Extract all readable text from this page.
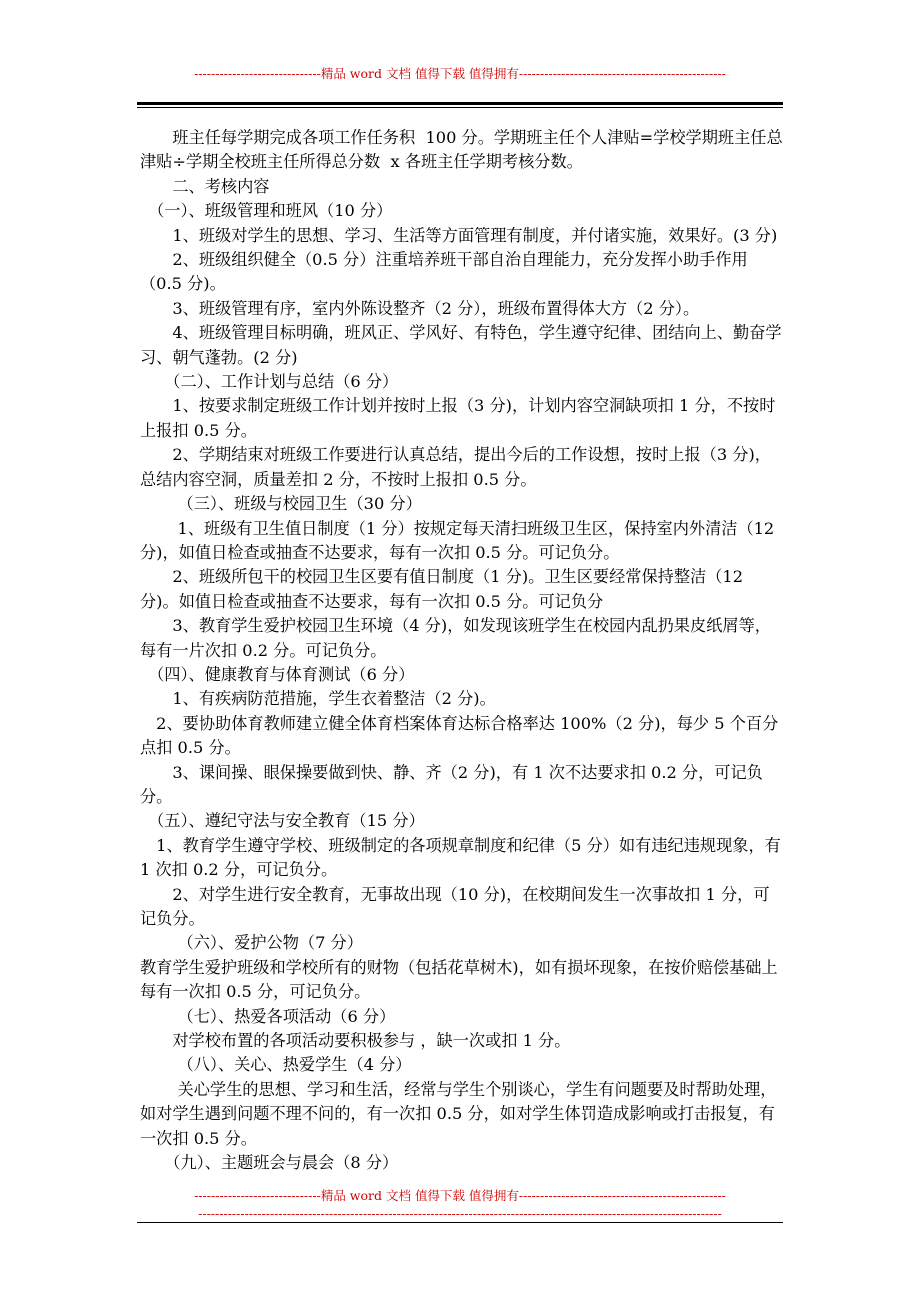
------------------------------精品 word 文档 值得下载 值得拥有-------------------------------------------------

　　班主任每学期完成各项工作任务积  100 分。学期班主任个人津贴=学校学期班主任总津贴÷学期全校班主任所得总分数  x 各班主任学期考核分数。

　　二、考核内容

　（一）、班级管理和班风（10 分）

　　1、班级对学生的思想、学习、生活等方面管理有制度，并付诸实施，效果好。(3 分)

　　2、班级组织健全（0.5 分）注重培养班干部自治自理能力，充分发挥小助手作用（0.5 分)。

　　3、班级管理有序，室内外陈设整齐（2 分），班级布置得体大方（2 分）。

　　4、班级管理目标明确，班风正、学风好、有特色，学生遵守纪律、团结向上、勤奋学习、朝气蓬勃。(2 分)

　　（二）、工作计划与总结（6 分）

　　1、按要求制定班级工作计划并按时上报（3 分)，计划内容空洞缺项扣 1 分，不按时上报扣 0.5 分。

　　2、学期结束对班级工作要进行认真总结，提出今后的工作设想，按时上报（3 分)，总结内容空洞，质量差扣 2 分，不按时上报扣 0.5 分。

　　 （三）、班级与校园卫生（30 分）

　　 1、班级有卫生值日制度（1 分）按规定每天清扫班级卫生区，保持室内外清洁（12 分)，如值日检查或抽查不达要求，每有一次扣 0.5 分。可记负分。

　　2、班级所包干的校园卫生区要有值日制度（1 分)。卫生区要经常保持整洁（12 分)。如值日检查或抽查不达要求，每有一次扣 0.5 分。可记负分

　　3、教育学生爱护校园卫生环境（4 分)，如发现该班学生在校园内乱扔果皮纸屑等，每有一片次扣 0.2 分。可记负分。

　（四）、健康教育与体育测试（6 分）

　　1、有疾病防范措施，学生衣着整洁（2 分)。

　2、要协助体育教师建立健全体育档案体育达标合格率达 100%（2 分)，每少 5 个百分点扣 0.5 分。

　　3、课间操、眼保操要做到快、静、齐（2 分)，有 1 次不达要求扣 0.2 分，可记负分。

　（五）、遵纪守法与安全教育（15 分）

　1、教育学生遵守学校、班级制定的各项规章制度和纪律（5 分）如有违纪违规现象，有 1 次扣 0.2 分，可记负分。

　　2、对学生进行安全教育，无事故出现（10 分)，在校期间发生一次事故扣 1 分，可记负分。

　　 （六）、爱护公物（7 分）

教育学生爱护班级和学校所有的财物（包括花草树木)，如有损坏现象，在按价赔偿基础上每有一次扣 0.5 分，可记负分。

　　 （七）、热爱各项活动（6 分）

　　对学校布置的各项活动要积极参与 ，缺一次或扣 1 分。

　　 （八）、关心、热爱学生（4 分）

　　 关心学生的思想、学习和生活，经常与学生个别谈心，学生有问题要及时帮助处理，如对学生遇到问题不理不问的，有一次扣 0.5 分，如对学生体罚造成影响或打击报复，有一次扣 0.5 分。

　　（九）、主题班会与晨会（8 分）

------------------------------精品 word 文档 值得下载 值得拥有-------------------------------------------------
----------------------------------------------------------------------------------------------------------------------------
